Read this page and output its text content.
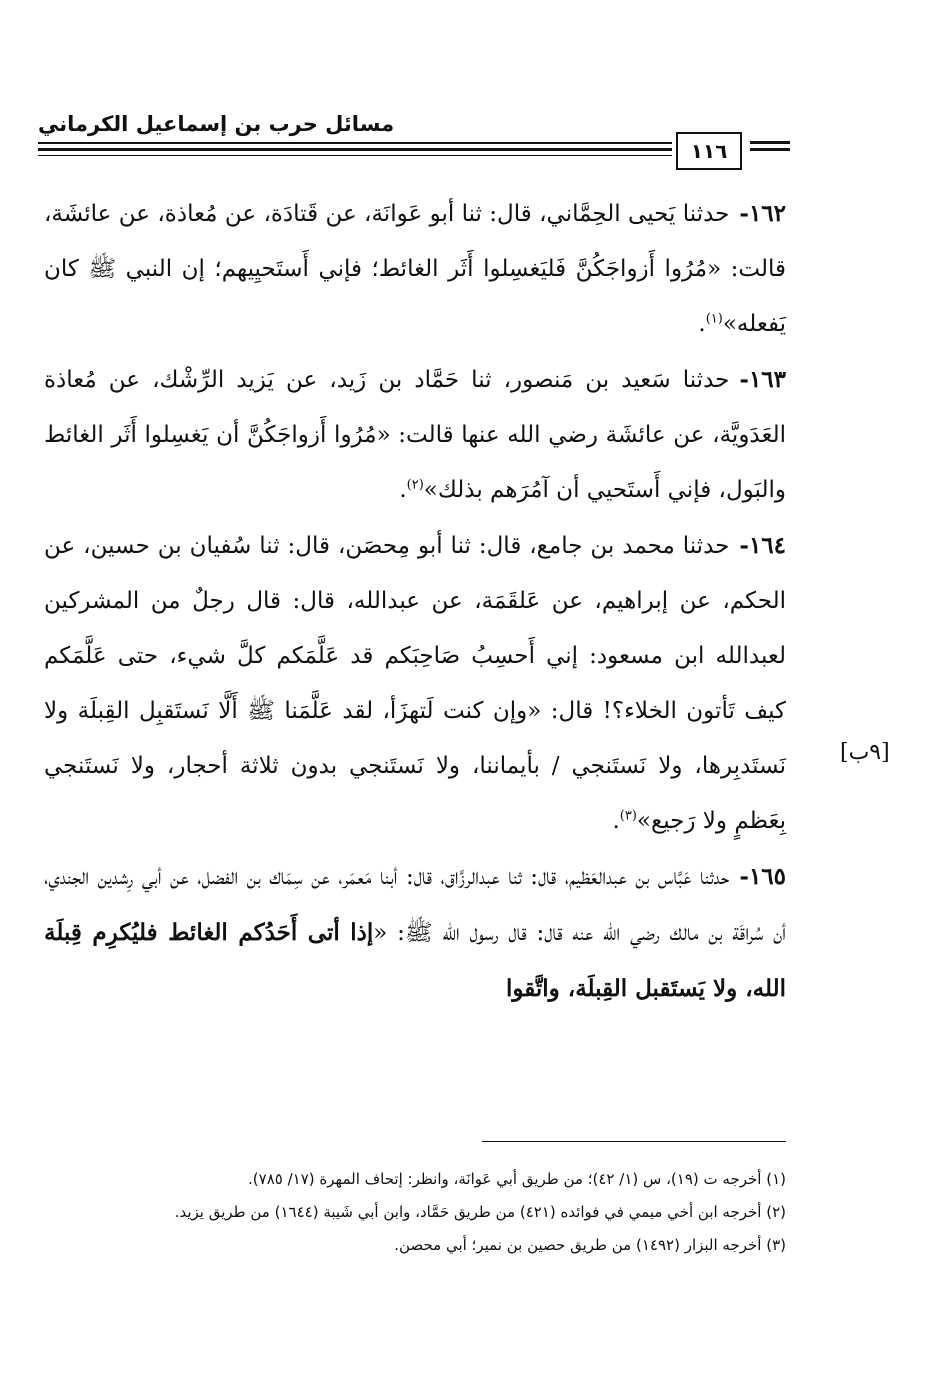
١١٦
مسائل حرب بن إسماعيل الكرماني
[٩ب]

١٦٢-حدثنا يَحيى الحِمَّاني، قال: ثنا أبو عَوانَة، عن قَتادَة، عن مُعاذة، عن عائشَة، قالت: «مُرُوا أَزواجَكُنَّ فَليَغسِلوا أَثَر الغائط؛ فإني أَستَحيِيهم؛ إن النبي ﷺ كان يَفعله»$^{(١)}$.

١٦٣-حدثنا سَعيد بن مَنصور، ثنا حَمَّاد بن زَيد، عن يَزيد الرِّشْك، عن مُعاذة العَدَويَّة، عن عائشَة رضي الله عنها قالت: «مُرُوا أَزواجَكُنَّ أن يَغسِلوا أَثَر الغائط والبَول، فإني أَستَحيي أن آمُرَهم بذلك»$^{(٢)}$.

١٦٤-حدثنا محمد بن جامع، قال: ثنا أبو مِحصَن، قال: ثنا سُفيان بن حسين، عن الحكم، عن إبراهيم، عن عَلقَمَة، عن عبدالله، قال: قال رجلٌ من المشركين لعبدالله ابن مسعود: إني أَحسِبُ صَاحِبَكم قد عَلَّمَكم كلَّ شيء، حتى عَلَّمَكم كيف تَأتون الخلاء؟! قال: «وإن كنت لَتهزَأ، لقد عَلَّمَنا ﷺ أَلَّا نَستَقبِل القِبلَة ولا نَستَدبِرها، ولا نَستَنجي / بأيماننا، ولا نَستَنجي بدون ثلاثة أحجار، ولا نَستَنجي بِعَظمٍ ولا رَجيع»$^{(٣)}$.

١٦٥-حدثنا عَبَّاس بن عبدالعَظيم، قال: ثنا عبدالرزَّاق، قال: أبنا مَعمَر، عن سِمَاك بن الفضل، عن أبي رِشدين الجندي، أن سُراقَة بن مالك رضي الله عنه قال: قال رسول الله ﷺ: «إذا أتى أَحَدُكم الغائط فليُكرِم قِبلَة الله، ولا يَستَقبل القِبلَة، واتَّقوا

(١) أخرجه ت (١٩)، س (١/ ٤٢)؛ من طريق أبي عَوانَة، وانظر: إتحاف المهرة (١٧/ ٧٨٥).

(٢) أخرجه ابن أخي ميمي في فوائده (٤٢١) من طريق حَمَّاد، وابن أبي شَيبة (١٦٤٤) من طريق يزيد.

(٣) أخرجه البزار (١٤٩٢) من طريق حصين بن نمير؛ أبي محصن.
